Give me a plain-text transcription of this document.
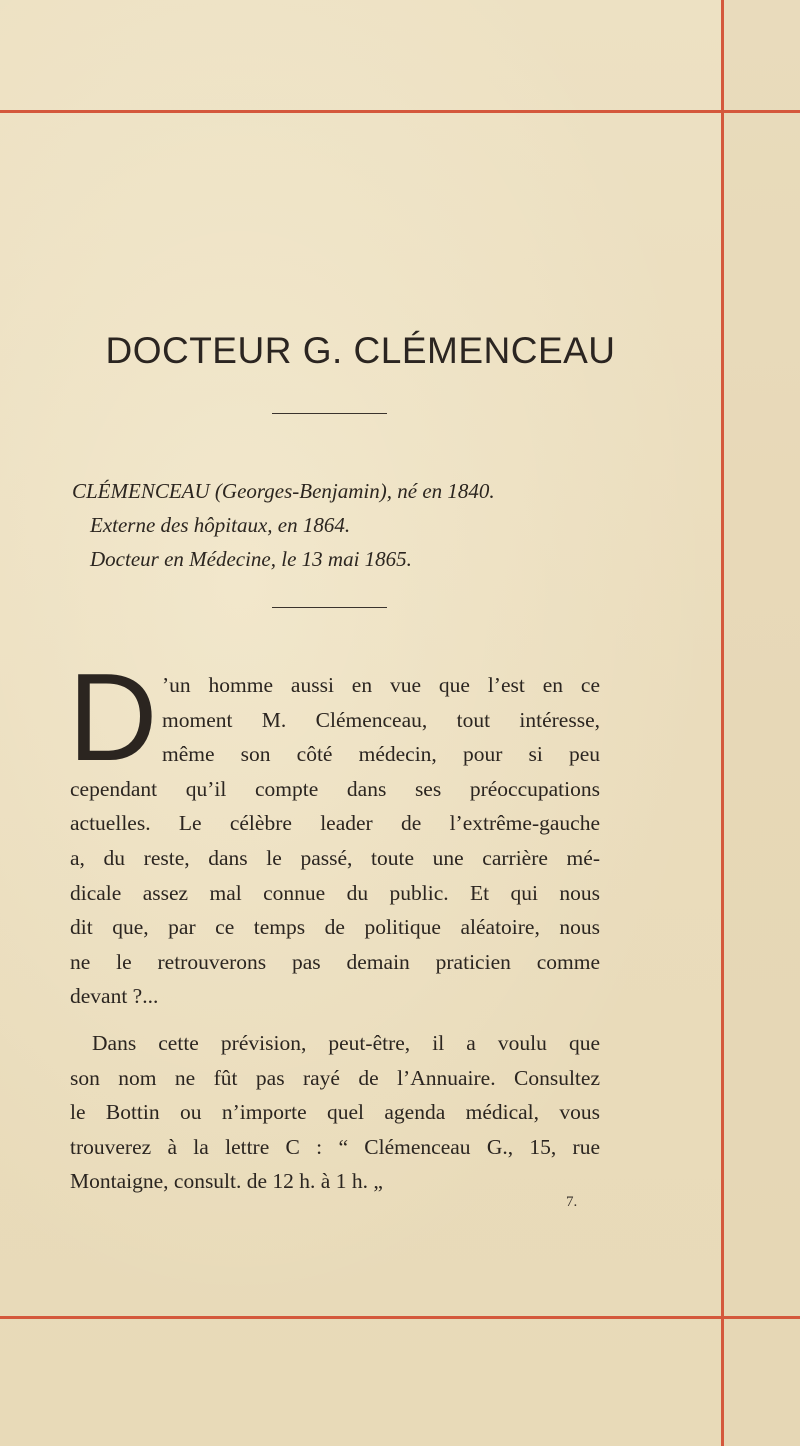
DOCTEUR G. CLÉMENCEAU
CLÉMENCEAU (Georges-Benjamin), né en 1840.
Externe des hôpitaux, en 1864.
Docteur en Médecine, le 13 mai 1865.
D ’un homme aussi en vue que l’est en ce
moment M. Clémenceau, tout intéresse,
même son côté médecin, pour si peu
cependant qu’il compte dans ses préoccupations
actuelles. Le célèbre leader de l’extrême-gauche
a, du reste, dans le passé, toute une carrière mé-
dicale assez mal connue du public. Et qui nous
dit que, par ce temps de politique aléatoire, nous
ne le retrouverons pas demain praticien comme
devant ?...
Dans cette prévision, peut-être, il a voulu que
son nom ne fût pas rayé de l’Annuaire. Consultez
le Bottin ou n’importe quel agenda médical, vous
trouverez à la lettre C : “ Clémenceau G., 15, rue
Montaigne, consult. de 12 h. à 1 h. „
7.
